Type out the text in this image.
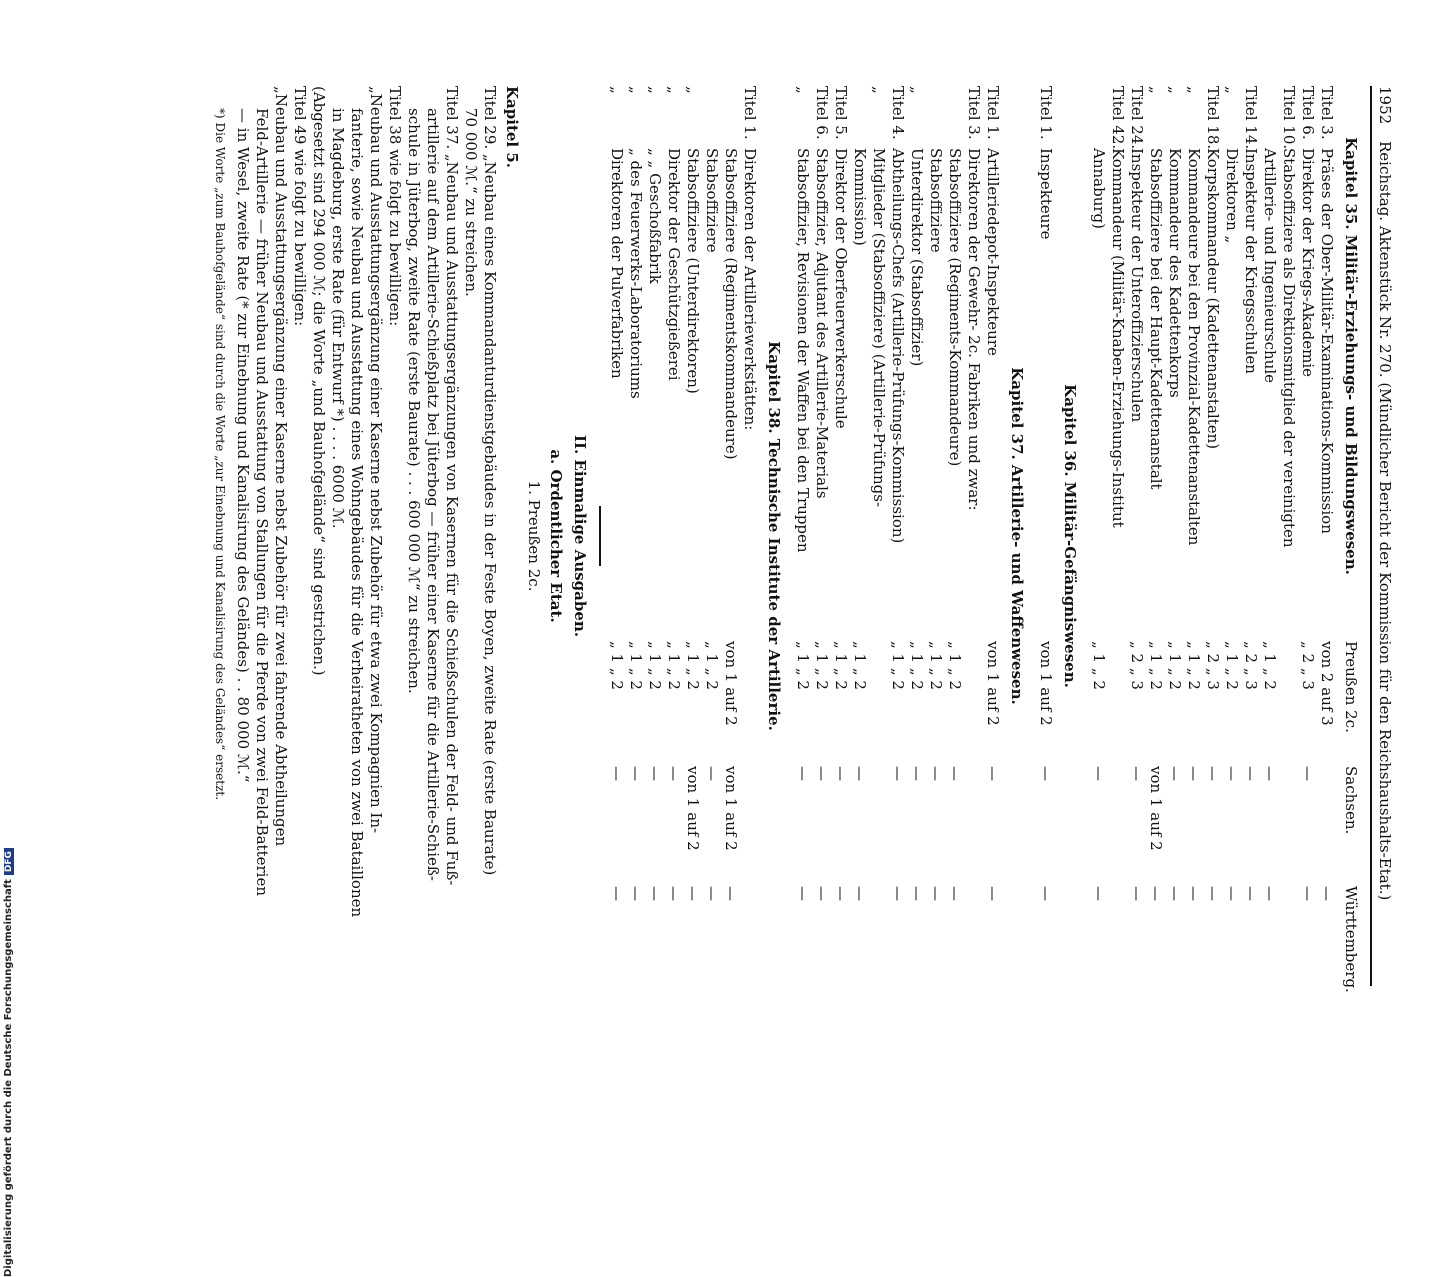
1952
Reichstag. Aktenstück Nr. 270. (Mündlicher Bericht der Kommission für den Reichshaushalts-Etat.)
Preußen 2c.
Sachsen.
Württemberg.
Kapitel 35. Militär-Erziehungs- und Bildungswesen.
Titel 3.
Präses der Ober-Militär-Examinations-Kommission
von 2 auf 3
—
Titel 6.
Direktor der Kriegs-Akademie
„ 2 „ 3
—
—
Titel 10.
Stabsoffiziere als Direktionsmitglied der vereinigten
Artillerie- und Ingenieurschule
„ 1 „ 2
—
—
Titel 14.
Inspekteur der Kriegsschulen
„ 2 „ 3
—
—
„
Direktoren „
„ 1 „ 2
—
—
Titel 18.
Korpskommandeur (Kadettenanstalten)
„ 2 „ 3
—
—
„
Kommandeure bei den Provinzial-Kadettenanstalten
„ 1 „ 2
—
—
„
Kommandeur des Kadettenkorps
„ 1 „ 2
—
—
„
Stabsoffiziere bei der Haupt-Kadettenanstalt
„ 1 „ 2
von 1 auf 2
—
Titel 24.
Inspekteur der Unteroffizierschulen
„ 2 „ 3
—
—
Titel 42.
Kommandeur (Militär-Knaben-Erziehungs-Institut
Annaburg)
„ 1 „ 2
—
—
Kapitel 36. Militär-Gefängniswesen.
Titel 1.
Inspekteure
von 1 auf 2
—
—
Kapitel 37. Artillerie- und Waffenwesen.
Titel 1.
Artilleriedepot-Inspekteure
von 1 auf 2
—
—
Titel 3.
Direktoren der Gewehr- 2c. Fabriken und zwar:
Stabsoffiziere (Regiments-Kommandeure)
„ 1 „ 2
—
—
Stabsoffiziere
„ 1 „ 2
—
—
„
Unterdirektor (Stabsoffizier)
„ 1 „ 2
—
—
Titel 4.
Abtheilungs-Chefs (Artillerie-Prüfungs-Kommission)
„ 1 „ 2
—
—
„
Mitglieder (Stabsoffiziere) (Artillerie-Prüfungs-
Kommission)
„ 1 „ 2
—
—
Titel 5.
Direktor der Oberfeuerwerkerschule
„ 1 „ 2
—
—
Titel 6.
Stabsoffizier, Adjutant des Artillerie-Materials
„ 1 „ 2
—
—
„
Stabsoffizier, Revisionen der Waffen bei den Truppen
„ 1 „ 2
—
—
Kapitel 38. Technische Institute der Artillerie.
Titel 1.
Direktoren der Artilleriewerkstätten:
Stabsoffiziere (Regimentskommandeure)
von 1 auf 2
von 1 auf 2
—
Stabsoffiziere
„ 1 „ 2
—
—
„
Stabsoffiziere (Unterdirektoren)
„ 1 „ 2
von 1 auf 2
—
„
Direktor der Geschützgießerei
„ 1 „ 2
—
—
„
„ „ Geschoßfabrik
„ 1 „ 2
—
—
„
„ des Feuerwerks-Laboratoriums
„ 1 „ 2
—
—
„
Direktoren der Pulverfabriken
„ 1 „ 2
—
—
II. Einmalige Ausgaben.
a. Ordentlicher Etat.
1. Preußen 2c.
Kapitel 5.
Titel 29. „Neubau eines Kommandanturdienstgebäudes in der Feste Boyen, zweite Rate (erste Baurate)
70 000 ℳ.“ zu streichen.
Titel 37. „Neubau und Ausstattungsergänzungen von Kasernen für die Schießschulen der Feld- und Fuß-
artillerie auf dem Artillerie-Schießplatz bei Jüterbog — früher einer Kaserne für die Artillerie-Schieß-
schule in Jüterbog, zweite Rate (erste Baurate) . . . 600 000 ℳ“ zu streichen.
Titel 38 wie folgt zu bewilligen:
„Neubau und Ausstattungsergänzung einer Kaserne nebst Zubehör für etwa zwei Kompagnien In-
fanterie, sowie Neubau und Ausstattung eines Wohngebäudes für die Verheiratheten von zwei Bataillonen
in Magdeburg, erste Rate (für Entwurf *) . . . . 6000 ℳ.
(Abgesetzt sind 294 000 ℳ; die Worte „und Bauhofgelände“ sind gestrichen.)
Titel 49 wie folgt zu bewilligen:
„Neubau und Ausstattungsergänzung einer Kaserne nebst Zubehör für zwei fahrende Abtheilungen
Feld-Artillerie — früher Neubau und Ausstattung von Stallungen für die Pferde von zwei Feld-Batterien
— in Wesel, zweite Rate (* zur Einebnung und Kanalisirung des Geländes) . . 80 000 ℳ.“
*) Die Worte „zum Bauhofgelände“ sind durch die Worte „zur Einebnung und Kanalisirung des Geländes“ ersetzt.
Digitalisierung gefördert durch die Deutsche ForschungsgemeinschaftDFG
